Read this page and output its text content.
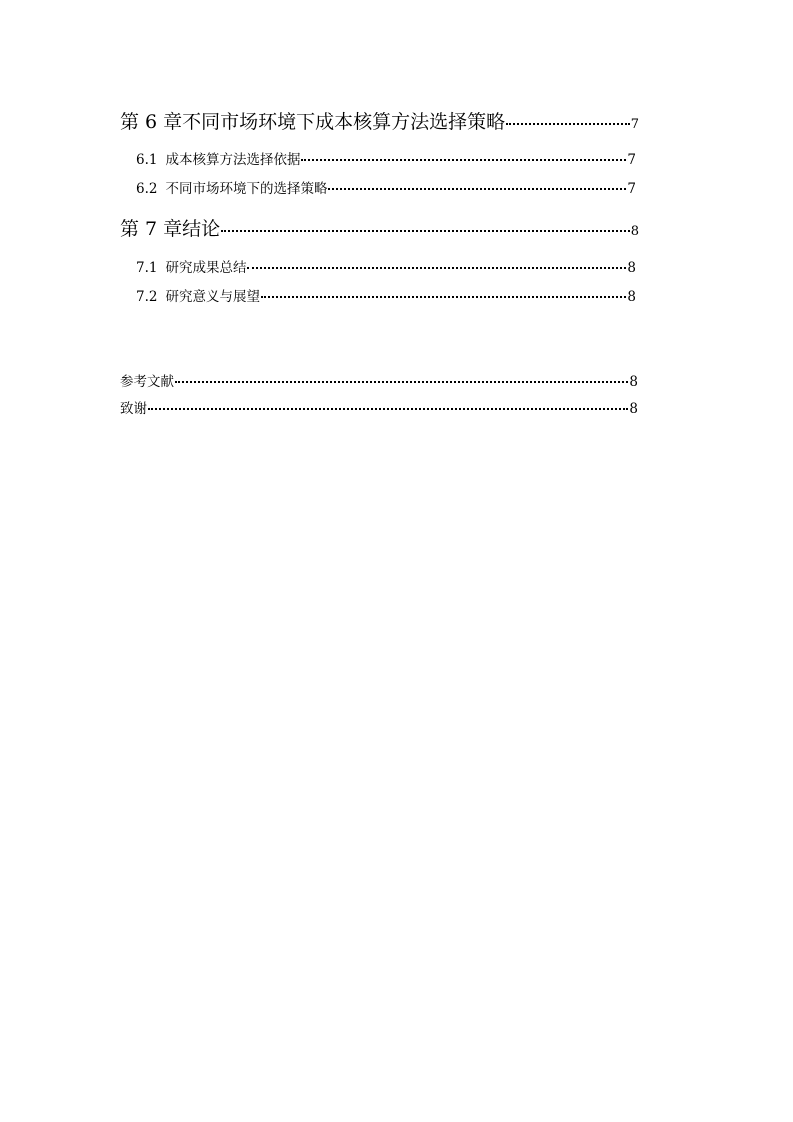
第 6 章不同市场环境下成本核算方法选择策略	7
6.1 成本核算方法选择依据	7
6.2 不同市场环境下的选择策略	7
第 7 章结论	8
7.1 研究成果总结	8
7.2 研究意义与展望	8
参考文献	8
致谢	8
